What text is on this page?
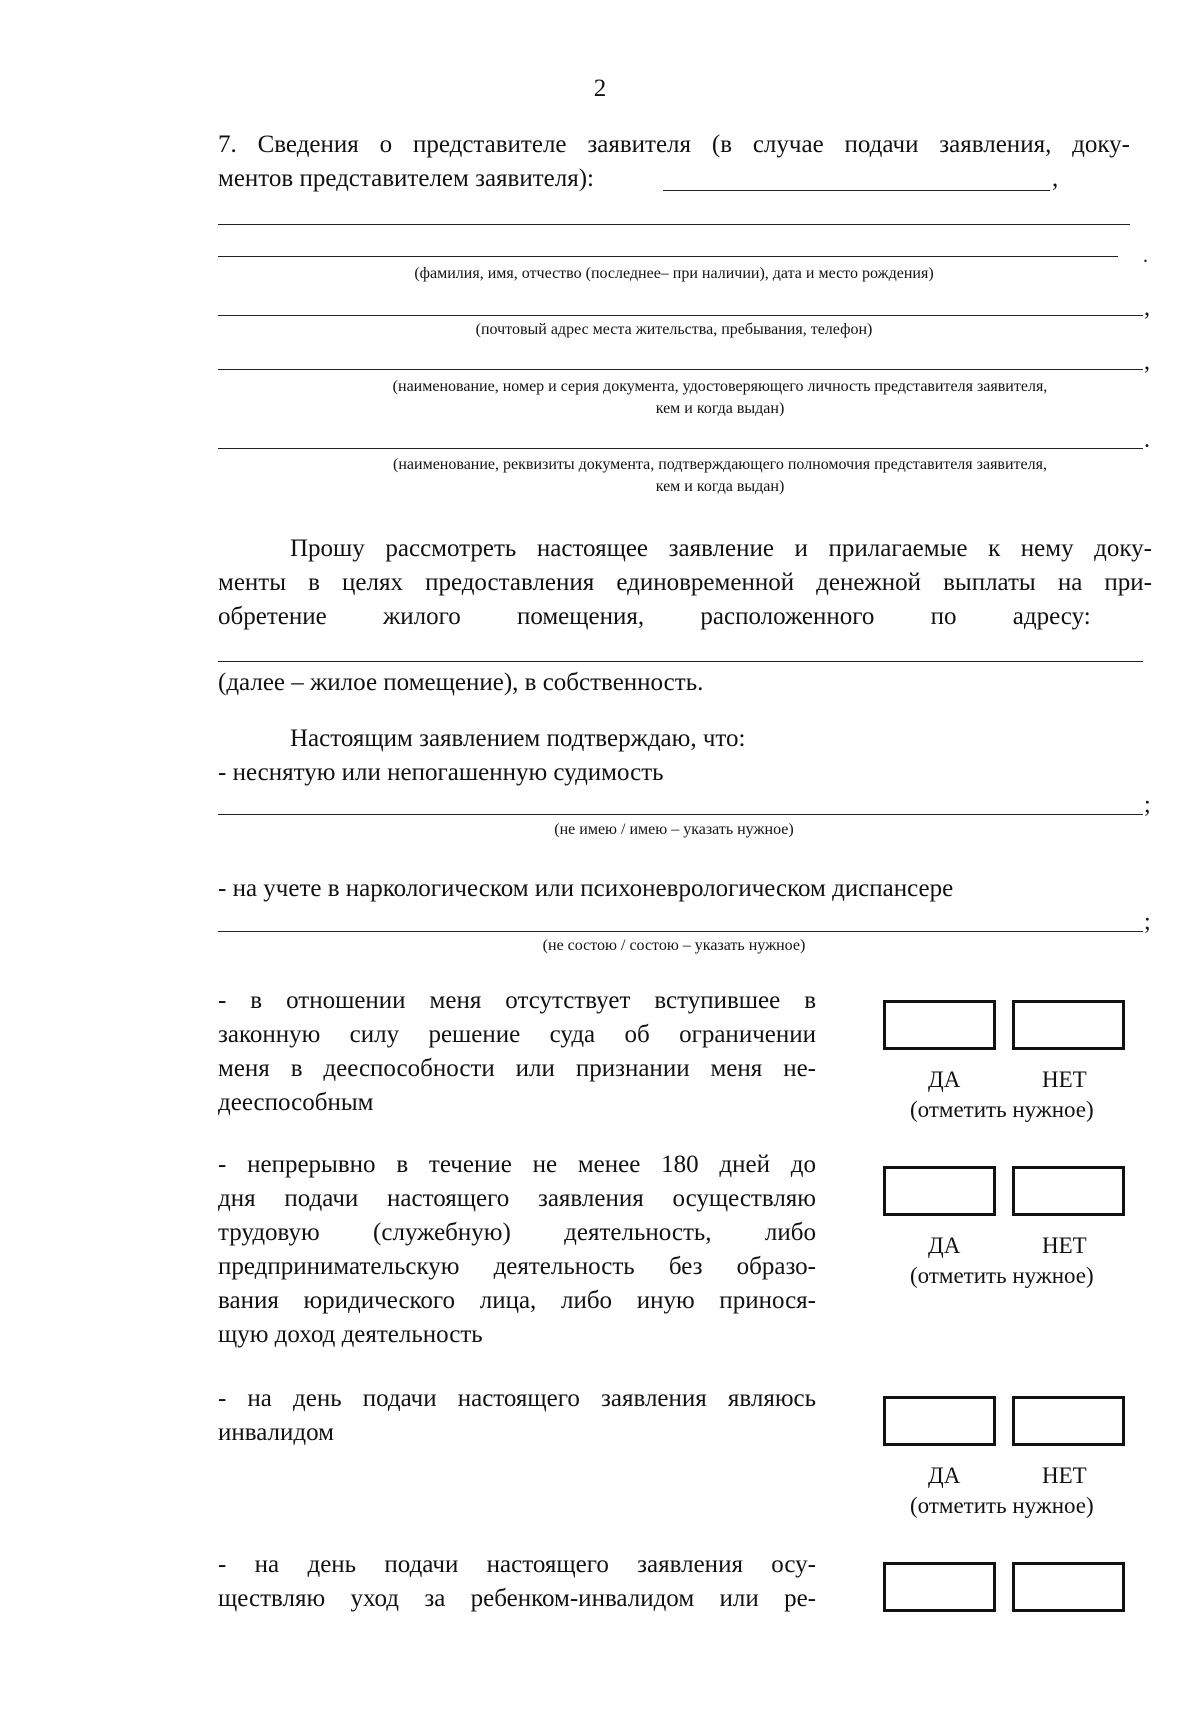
2
7. Сведения о представителе заявителя (в случае подачи заявления, доку-
ментов представителем заявителя):	,
.
(фамилия, имя, отчество (последнее– при наличии), дата и место рождения)
,
(почтовый адрес места жительства, пребывания, телефон)
,
(наименование, номер и серия документа, удостоверяющего личность представителя заявителя,
кем и когда выдан)
.
(наименование, реквизиты документа, подтверждающего полномочия представителя заявителя,
кем и когда выдан)
Прошу рассмотреть настоящее заявление и прилагаемые к нему доку-
менты в целях предоставления единовременной денежной выплаты на при-
обретение жилого помещения, расположенного по адресу:
(далее – жилое помещение), в собственность.
Настоящим заявлением подтверждаю, что:
- неснятую или непогашенную судимость
;
(не имею / имею – указать нужное)
- на учете в наркологическом или психоневрологическом диспансере
;
(не состою / состою – указать нужное)
- в отношении меня отсутствует вступившее в
законную силу решение суда об ограничении
меня в дееспособности или признании меня не-
дееспособным
ДА	НЕТ
(отметить нужное)
- непрерывно в течение не менее 180 дней до
дня подачи настоящего заявления осуществляю
трудовую (служебную) деятельность, либо
предпринимательскую деятельность без образо-
вания юридического лица, либо иную принося-
щую доход деятельность
ДА	НЕТ
(отметить нужное)
- на день подачи настоящего заявления являюсь
инвалидом
ДА	НЕТ
(отметить нужное)
- на день подачи настоящего заявления осу-
ществляю уход за ребенком-инвалидом или ре-
